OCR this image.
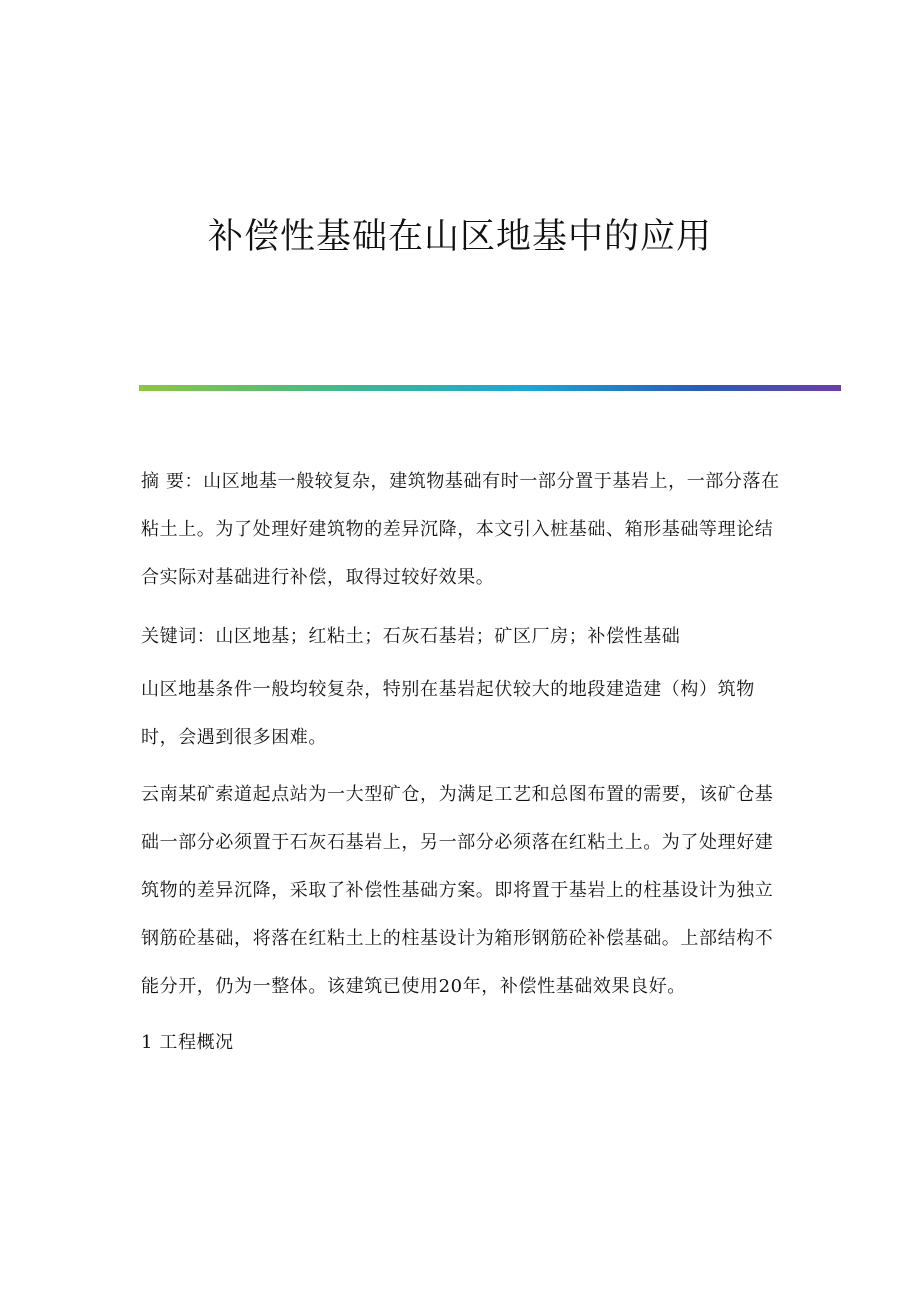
补偿性基础在山区地基中的应用
摘 要：山区地基一般较复杂，建筑物基础有时一部分置于基岩上，一部分落在
粘土上。为了处理好建筑物的差异沉降，本文引入桩基础、箱形基础等理论结
合实际对基础进行补偿，取得过较好效果。
关键词：山区地基；红粘土；石灰石基岩；矿区厂房；补偿性基础
山区地基条件一般均较复杂，特别在基岩起伏较大的地段建造建（构）筑物
时，会遇到很多困难。
云南某矿索道起点站为一大型矿仓，为满足工艺和总图布置的需要，该矿仓基
础一部分必须置于石灰石基岩上，另一部分必须落在红粘土上。为了处理好建
筑物的差异沉降，采取了补偿性基础方案。即将置于基岩上的柱基设计为独立
钢筋砼基础，将落在红粘土上的柱基设计为箱形钢筋砼补偿基础。上部结构不
能分开，仍为一整体。该建筑已使用20年，补偿性基础效果良好。
1 工程概况
